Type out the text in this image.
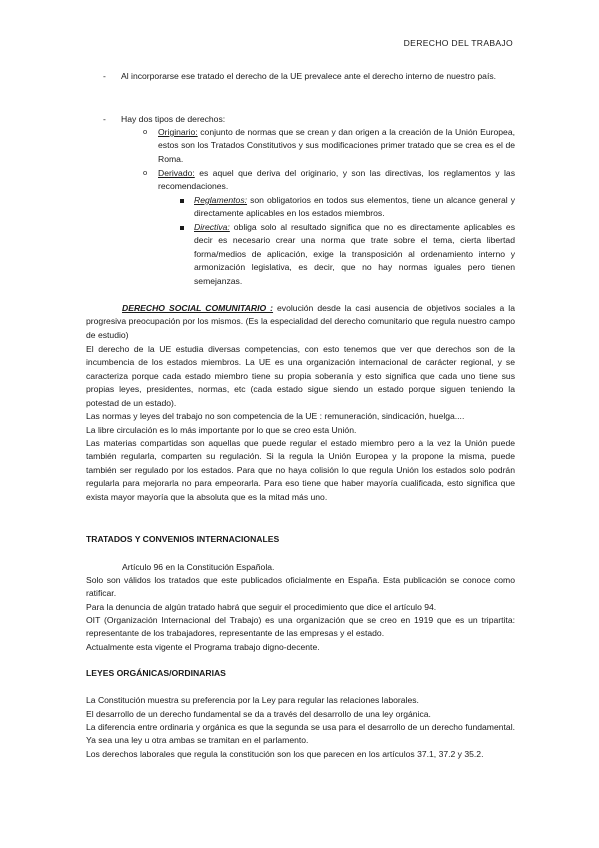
DERECHO DEL TRABAJO
- Al incorporarse ese tratado el derecho de la UE prevalece ante el derecho interno de nuestro país.
- Hay dos tipos de derechos:
o Originario: conjunto de normas que se crean y dan origen a la creación de la Unión Europea, estos son los Tratados Constitutivos y sus modificaciones primer tratado que se crea es el de Roma.
o Derivado: es aquel que deriva del originario, y son las directivas, los reglamentos y las recomendaciones.
Reglamentos: son obligatorios en todos sus elementos, tiene un alcance general y directamente aplicables en los estados miembros.
Directiva: obliga solo al resultado significa que no es directamente aplicables es decir es necesario crear una norma que trate sobre el tema, cierta libertad forma/medios de aplicación, exige la transposición al ordenamiento interno y armonización legislativa, es decir, que no hay normas iguales pero tienen semejanzas.
DERECHO SOCIAL COMUNITARIO : evolución desde la casi ausencia de objetivos sociales a la progresiva preocupación por los mismos. (Es la especialidad del derecho comunitario que regula nuestro campo de estudio)
El derecho de la UE estudia diversas competencias, con esto tenemos que ver que derechos son de la incumbencia de los estados miembros. La UE es una organización internacional de carácter regional, y se caracteriza porque cada estado miembro tiene su propia soberanía y esto significa que cada uno tiene sus propias leyes, presidentes, normas, etc (cada estado sigue siendo un estado porque siguen teniendo la potestad de un estado).
Las normas y leyes del trabajo no son competencia de la UE : remuneración, sindicación, huelga....
La libre circulación es lo más importante por lo que se creo esta Unión.
Las materias compartidas son aquellas que puede regular el estado miembro pero a la vez la Unión puede también regularla, comparten su regulación. Si la regula la Unión Europea y la propone la misma, puede también ser regulado por los estados. Para que no haya colisión lo que regula Unión los estados solo podrán regularla para mejorarla no para empeorarla. Para eso tiene que haber mayoría cualificada, esto significa que exista mayor mayoría que la absoluta que es la mitad más uno.
TRATADOS Y CONVENIOS INTERNACIONALES
Artículo 96 en la Constitución Española.
Solo son válidos los tratados que este publicados oficialmente en España. Esta publicación se conoce como ratificar.
Para la denuncia de algún tratado habrá que seguir el procedimiento que dice el artículo 94.
OIT (Organización Internacional del Trabajo) es una organización que se creo en 1919 que es un tripartita: representante de los trabajadores, representante de las empresas y el estado.
Actualmente esta vigente el Programa trabajo digno-decente.
LEYES ORGÁNICAS/ORDINARIAS
La Constitución muestra su preferencia por la Ley para regular las relaciones laborales.
El desarrollo de un derecho fundamental se da a través del desarrollo de una ley orgánica.
La diferencia entre ordinaria y orgánica es que la segunda se usa para el desarrollo de un derecho fundamental. Ya sea una ley u otra ambas se tramitan en el parlamento.
Los derechos laborales que regula la constitución son los que parecen en los artículos 37.1, 37.2 y 35.2.
